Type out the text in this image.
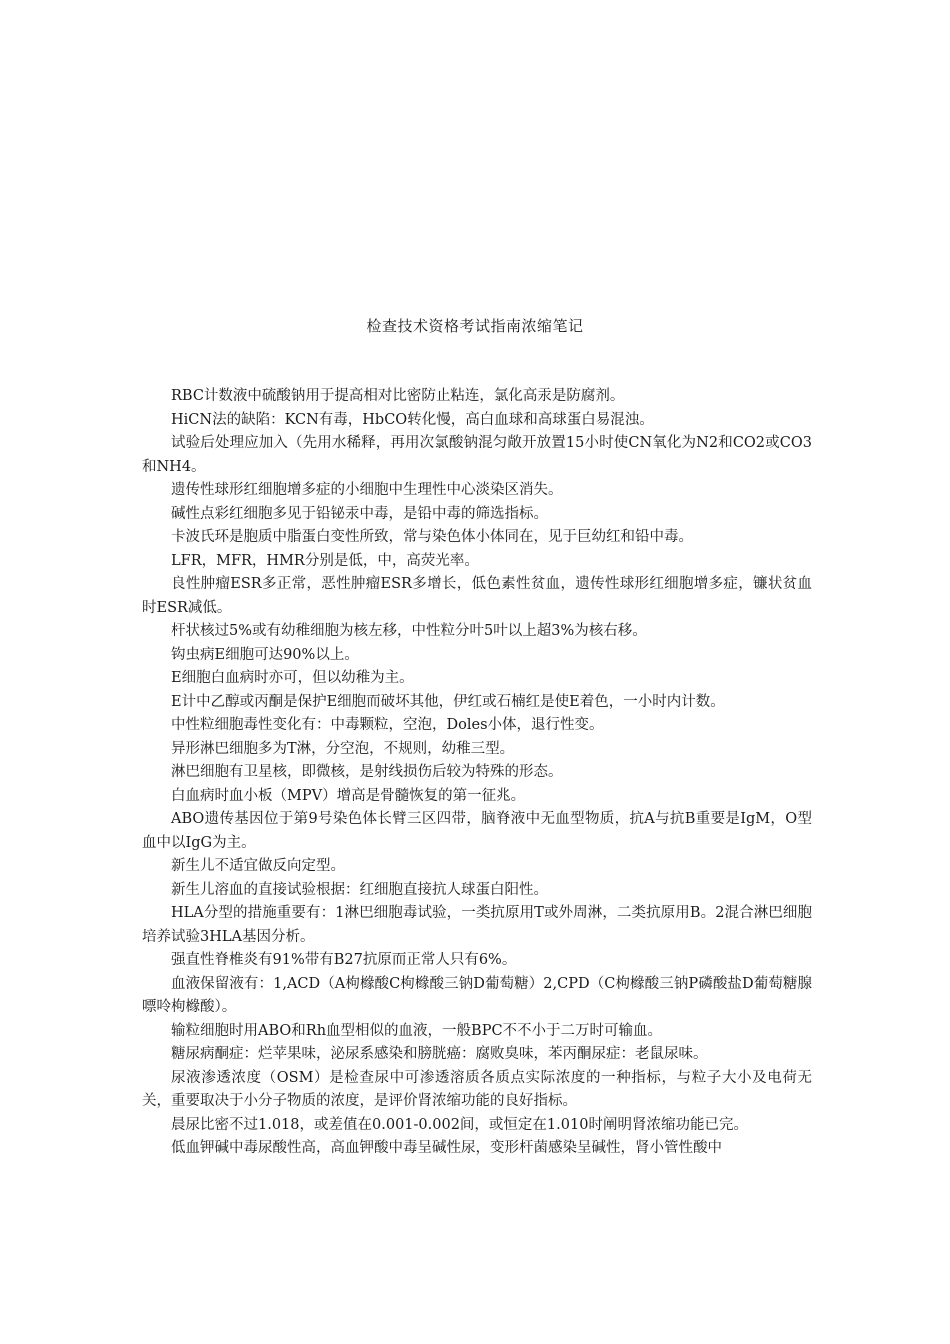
检查技术资格考试指南浓缩笔记

RBC计数液中硫酸钠用于提高相对比密防止粘连，氯化高汞是防腐剂。

HiCN法的缺陷：KCN有毒，HbCO转化慢，高白血球和高球蛋白易混浊。

试验后处理应加入（先用水稀释，再用次氯酸钠混匀敞开放置15小时使CN氧化为N2和CO2或CO3和NH4。

遗传性球形红细胞增多症的小细胞中生理性中心淡染区消失。

碱性点彩红细胞多见于铅铋汞中毒，是铅中毒的筛选指标。

卡波氏环是胞质中脂蛋白变性所致，常与染色体小体同在，见于巨幼红和铅中毒。

LFR，MFR，HMR分别是低，中，高荧光率。

良性肿瘤ESR多正常，恶性肿瘤ESR多增长，低色素性贫血，遗传性球形红细胞增多症，镰状贫血时ESR减低。

杆状核过5%或有幼稚细胞为核左移，中性粒分叶5叶以上超3%为核右移。

钩虫病E细胞可达90%以上。

E细胞白血病时亦可，但以幼稚为主。

E计中乙醇或丙酮是保护E细胞而破坏其他，伊红或石楠红是使E着色，一小时内计数。

中性粒细胞毒性变化有：中毒颗粒，空泡，Doles小体，退行性变。

异形淋巴细胞多为T淋，分空泡，不规则，幼稚三型。

淋巴细胞有卫星核，即微核，是射线损伤后较为特殊的形态。

白血病时血小板（MPV）增高是骨髓恢复的第一征兆。

ABO遗传基因位于第9号染色体长臂三区四带，脑脊液中无血型物质，抗A与抗B重要是IgM，O型血中以IgG为主。

新生儿不适宜做反向定型。

新生儿溶血的直接试验根据：红细胞直接抗人球蛋白阳性。

HLA分型的措施重要有：1淋巴细胞毒试验，一类抗原用T或外周淋，二类抗原用B。2混合淋巴细胞培养试验3HLA基因分析。

强直性脊椎炎有91%带有B27抗原而正常人只有6%。

血液保留液有：1,ACD（A枸橼酸C枸橼酸三钠D葡萄糖）2,CPD（C枸橼酸三钠P磷酸盐D葡萄糖腺嘌呤枸橼酸）。

输粒细胞时用ABO和Rh血型相似的血液，一般BPC不不小于二万时可输血。

糖尿病酮症：烂苹果味，泌尿系感染和膀胱癌：腐败臭味，苯丙酮尿症：老鼠尿味。

尿液渗透浓度（OSM）是检查尿中可渗透溶质各质点实际浓度的一种指标，与粒子大小及电荷无关，重要取决于小分子物质的浓度，是评价肾浓缩功能的良好指标。

晨尿比密不过1.018，或差值在0.001-0.002间，或恒定在1.010时阐明肾浓缩功能已完。

低血钾碱中毒尿酸性高，高血钾酸中毒呈碱性尿，变形杆菌感染呈碱性，肾小管性酸中
